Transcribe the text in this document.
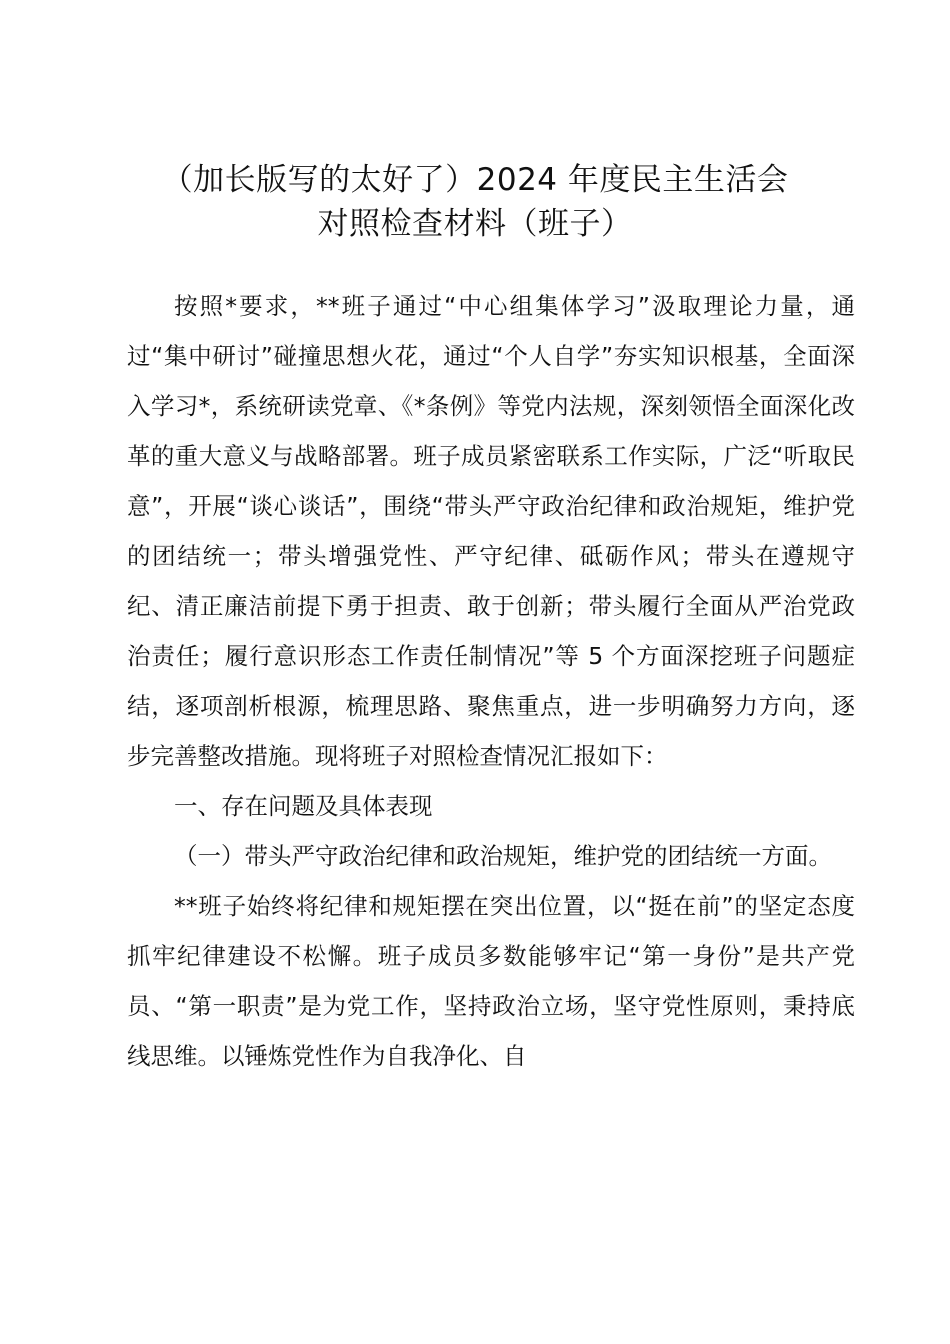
（加长版写的太好了）2024 年度民主生活会
对照检查材料（班子）

按照*要求，**班子通过“中心组集体学习”汲取理论力量，通过“集中研讨”碰撞思想火花，通过“个人自学”夯实知识根基，全面深入学习*，系统研读党章、《*条例》等党内法规，深刻领悟全面深化改革的重大意义与战略部署。班子成员紧密联系工作实际，广泛“听取民意”，开展“谈心谈话”，围绕“带头严守政治纪律和政治规矩，维护党的团结统一；带头增强党性、严守纪律、砥砺作风；带头在遵规守纪、清正廉洁前提下勇于担责、敢于创新；带头履行全面从严治党政治责任；履行意识形态工作责任制情况”等 5 个方面深挖班子问题症结，逐项剖析根源，梳理思路、聚焦重点，进一步明确努力方向，逐步完善整改措施。现将班子对照检查情况汇报如下：

一、存在问题及具体表现

（一）带头严守政治纪律和政治规矩，维护党的团结统一方面。

**班子始终将纪律和规矩摆在突出位置，以“挺在前”的坚定态度抓牢纪律建设不松懈。班子成员多数能够牢记“第一身份”是共产党员、“第一职责”是为党工作，坚持政治立场，坚守党性原则，秉持底线思维。以锤炼党性作为自我净化、自
